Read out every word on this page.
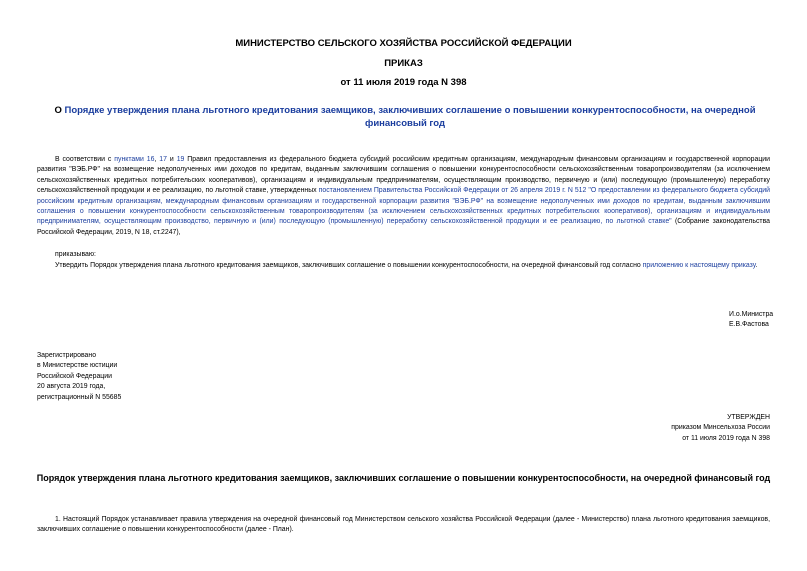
МИНИСТЕРСТВО СЕЛЬСКОГО ХОЗЯЙСТВА РОССИЙСКОЙ ФЕДЕРАЦИИ
ПРИКАЗ
от 11 июля 2019 года N 398
О Порядке утверждения плана льготного кредитования заемщиков, заключивших соглашение о повышении конкурентоспособности, на очередной финансовый год
В соответствии с пунктами 16, 17 и 19 Правил предоставления из федерального бюджета субсидий российским кредитным организациям, международным финансовым организациям и государственной корпорации развития "ВЭБ.РФ" на возмещение недополученных ими доходов по кредитам, выданным заключившим соглашения о повышении конкурентоспособности сельскохозяйственным товаропроизводителям (за исключением сельскохозяйственных кредитных потребительских кооперативов), организациям и индивидуальным предпринимателям, осуществляющим производство, первичную и (или) последующую (промышленную) переработку сельскохозяйственной продукции и ее реализацию, по льготной ставке, утвержденных постановлением Правительства Российской Федерации от 26 апреля 2019 г. N 512 "О предоставлении из федерального бюджета субсидий российским кредитным организациям, международным финансовым организациям и государственной корпорации развития "ВЭБ.РФ" на возмещение недополученных ими доходов по кредитам, выданным заключившим соглашения о повышении конкурентоспособности сельскохозяйственным товаропроизводителям (за исключением сельскохозяйственных кредитных потребительских кооперативов), организациям и индивидуальным предпринимателям, осуществляющим производство, первичную и (или) последующую (промышленную) переработку сельскохозяйственной продукции и ее реализацию, по льготной ставке" (Собрание законодательства Российской Федерации, 2019, N 18, ст.2247),
приказываю:
Утвердить Порядок утверждения плана льготного кредитования заемщиков, заключивших соглашение о повышении конкурентоспособности, на очередной финансовый год согласно приложению к настоящему приказу.
И.о.Министра
Е.В.Фастова
Зарегистрировано
в Министерстве юстиции
Российской Федерации
20 августа 2019 года,
регистрационный N 55685
УТВЕРЖДЕН
приказом Минсельхоза России
от 11 июля 2019 года N 398
Порядок утверждения плана льготного кредитования заемщиков, заключивших соглашение о повышении конкурентоспособности, на очередной финансовый год
1. Настоящий Порядок устанавливает правила утверждения на очередной финансовый год Министерством сельского хозяйства Российской Федерации (далее - Министерство) плана льготного кредитования заемщиков, заключивших соглашение о повышении конкурентоспособности (далее - План).
